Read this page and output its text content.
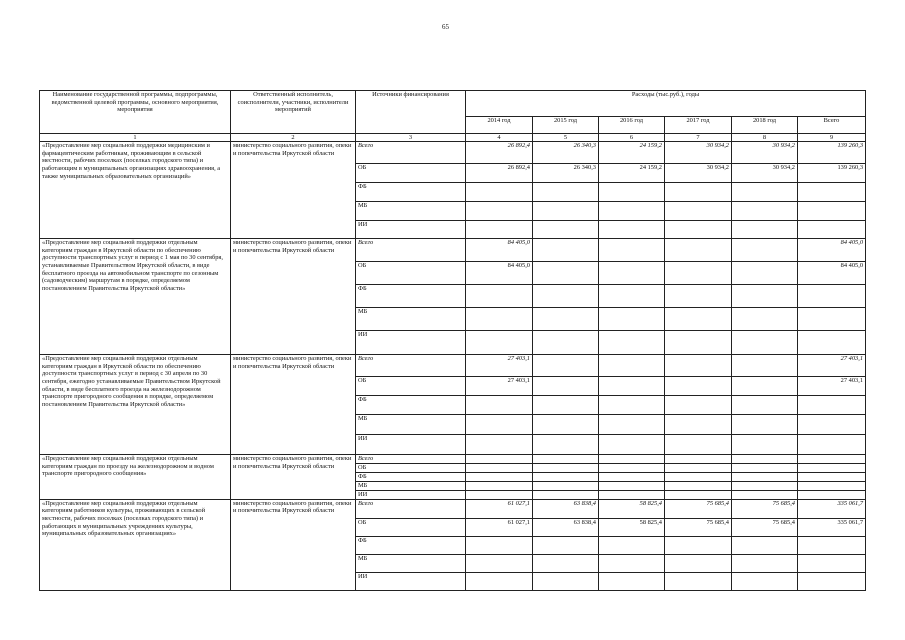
65
Наименование государственной программы, подпрограммы, ведомственной целевой программы, основного мероприятия, мероприятия	Ответственный исполнитель, соисполнители, участники, исполнители мероприятий	Источники финансирования	Расходы (тыс.руб.), годы					
			2014 год	2015 год	2016 год	2017 год	2018 год	Всего
1	2	3	4	5	6	7	8	9
«Предоставление мер социальной поддержки медицинским и фармацевтическим работникам, проживающим в сельской местности, рабочих поселках (поселках городского типа) и работающим в муниципальных организациях здравоохранения, а также муниципальных образовательных организаций»	министерство социального развития, опеки и попечительства Иркутской области	Всего	26 892,4	26 340,3	24 159,2	30 934,2	30 934,2	139 260,3
		ОБ	26 892,4	26 340,3	24 159,2	30 934,2	30 934,2	139 260,3
		ФБ						
		МБ						
		ИИ						
«Предоставление мер социальной поддержки отдельным категориям граждан в Иркутской области по обеспечению доступности транспортных услуг в период с 1 мая по 30 сентября, устанавливаемые Правительством Иркутской области, в виде бесплатного проезда на автомобильном транспорте по сезонным (садоводческим) маршрутам в порядке, определяемом постановлением Правительства Иркутской области»	министерство социального развития, опеки и попечительства Иркутской области	Всего	84 405,0					84 405,0
		ОБ	84 405,0					84 405,0
		ФБ						
		МБ						
		ИИ						
«Предоставление мер социальной поддержки отдельным категориям граждан в Иркутской области по обеспечению доступности транспортных услуг в период с 30 апреля по 30 сентября, ежегодно устанавливаемые Правительством Иркутской области, в виде бесплатного проезда на железнодорожном транспорте пригородного сообщения в порядке, определяемом постановлением Правительства Иркутской области»	министерство социального развития, опеки и попечительства Иркутской области	Всего	27 403,1					27 403,1
		ОБ	27 403,1					27 403,1
		ФБ						
		МБ						
		ИИ						
«Предоставление мер социальной поддержки отдельным категориям граждан по проезду на железнодорожном и водном транспорте пригородного сообщения»	министерство социального развития, опеки и попечительства Иркутской области	Всего						
		ОБ						
		ФБ						
		МБ						
		ИИ						
«Предоставление мер социальной поддержки отдельным категориям работников культуры, проживающих в сельской местности, рабочих поселках (поселках городского типа) и работающих в муниципальных учреждениях культуры, муниципальных образовательных организациях»	министерство социального развития, опеки и попечительства Иркутской области	Всего	61 027,1	63 838,4	58 825,4	75 685,4	75 685,4	335 061,7
		ОБ	61 027,1	63 838,4	58 825,4	75 685,4	75 685,4	335 061,7
		ФБ						
		МБ						
		ИИ						
